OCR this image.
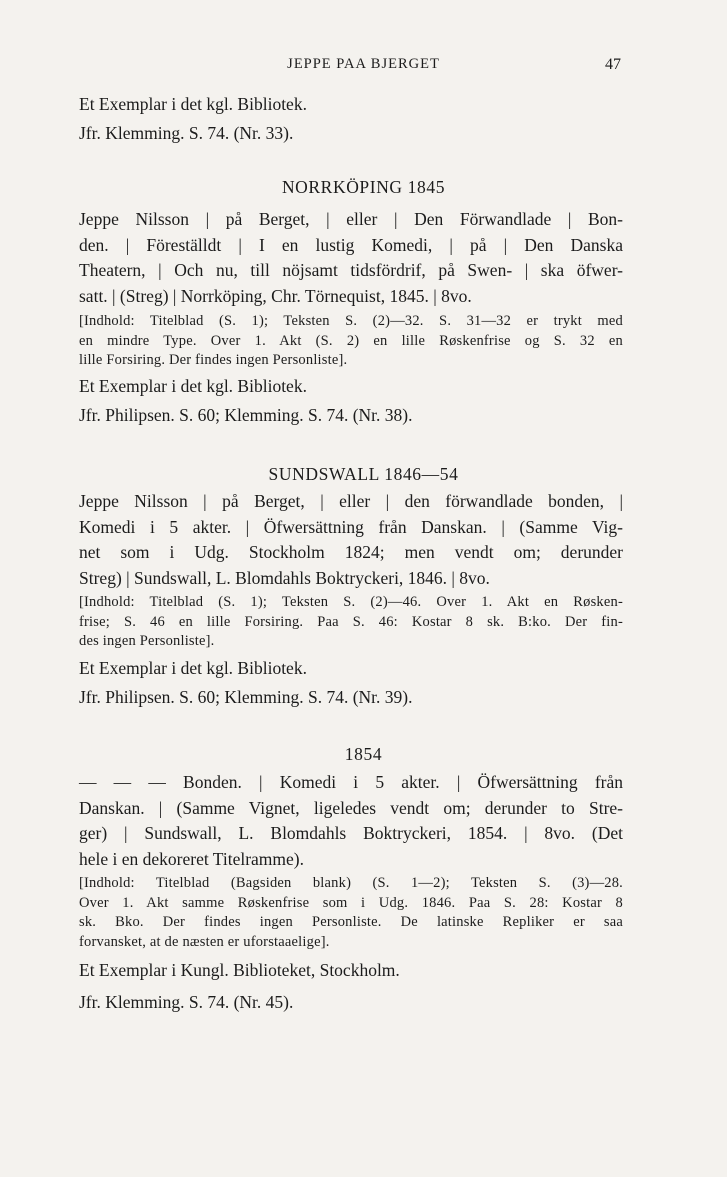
JEPPE PAA BJERGET	47
Et Exemplar i det kgl. Bibliotek.
Jfr. Klemming. S. 74. (Nr. 33).
NORRKÖPING 1845
Jeppe Nilsson | på Berget, | eller | Den Förwandlade | Bon-
den. | Föreställdt | I en lustig Komedi, | på | Den Danska
Theatern, | Och nu, till nöjsamt tidsfördrif, på Swen- | ska öfwer-
satt. | (Streg) | Norrköping, Chr. Törnequist, 1845. | 8vo.
[Indhold: Titelblad (S. 1); Teksten S. (2)—32. S. 31—32 er trykt med
en mindre Type. Over 1. Akt (S. 2) en lille Røskenfrise og S. 32 en
lille Forsiring. Der findes ingen Personliste].
Et Exemplar i det kgl. Bibliotek.
Jfr. Philipsen. S. 60; Klemming. S. 74. (Nr. 38).
SUNDSWALL 1846—54
Jeppe Nilsson | på Berget, | eller | den förwandlade bonden, |
Komedi i 5 akter. | Öfwersättning från Danskan. | (Samme Vig-
net som i Udg. Stockholm 1824; men vendt om; derunder
Streg) | Sundswall, L. Blomdahls Boktryckeri, 1846. | 8vo.
[Indhold: Titelblad (S. 1); Teksten S. (2)—46. Over 1. Akt en Røsken-
frise; S. 46 en lille Forsiring. Paa S. 46: Kostar 8 sk. B:ko. Der fin-
des ingen Personliste].
Et Exemplar i det kgl. Bibliotek.
Jfr. Philipsen. S. 60; Klemming. S. 74. (Nr. 39).
1854
— — — Bonden. | Komedi i 5 akter. | Öfwersättning från
Danskan. | (Samme Vignet, ligeledes vendt om; derunder to Stre-
ger) | Sundswall, L. Blomdahls Boktryckeri, 1854. | 8vo. (Det
hele i en dekoreret Titelramme).
[Indhold: Titelblad (Bagsiden blank) (S. 1—2); Teksten S. (3)—28.
Over 1. Akt samme Røskenfrise som i Udg. 1846. Paa S. 28: Kostar 8
sk. Bko. Der findes ingen Personliste. De latinske Repliker er saa
forvansket, at de næsten er uforstaaelige].
Et Exemplar i Kungl. Biblioteket, Stockholm.
Jfr. Klemming. S. 74. (Nr. 45).
